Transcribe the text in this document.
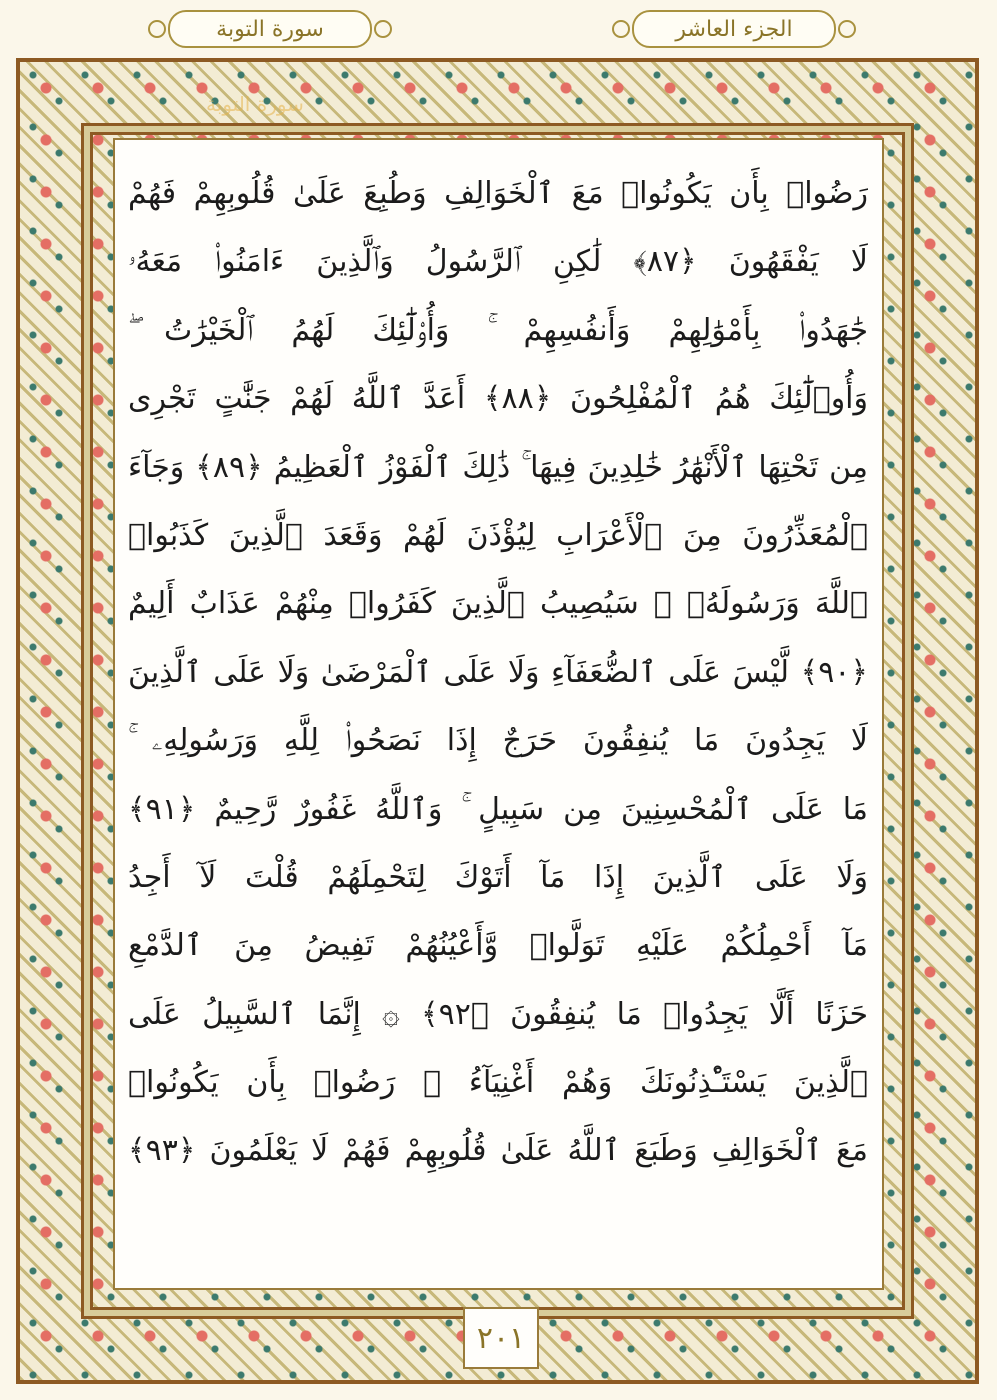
سورة التوبة	الجزء العاشر
سورة التوبة
رَضُوا۟ بِأَن يَكُونُوا۟ مَعَ ٱلْخَوَالِفِ وَطُبِعَ عَلَىٰ قُلُوبِهِمْ فَهُمْ
لَا يَفْقَهُونَ ﴿٨٧﴾ لَٰكِنِ ٱلرَّسُولُ وَٱلَّذِينَ ءَامَنُوا۟ مَعَهُۥ
جَٰهَدُوا۟ بِأَمْوَٰلِهِمْ وَأَنفُسِهِمْ ۚ وَأُو۟لَٰٓئِكَ لَهُمُ ٱلْخَيْرَٰتُ ۖ
وَأُو۟لَٰٓئِكَ هُمُ ٱلْمُفْلِحُونَ ﴿٨٨﴾ أَعَدَّ ٱللَّهُ لَهُمْ جَنَّٰتٍ تَجْرِى
مِن تَحْتِهَا ٱلْأَنْهَٰرُ خَٰلِدِينَ فِيهَا ۚ ذَٰلِكَ ٱلْفَوْزُ ٱلْعَظِيمُ ﴿٨٩﴾ وَجَآءَ
ٱلْمُعَذِّرُونَ مِنَ ٱلْأَعْرَابِ لِيُؤْذَنَ لَهُمْ وَقَعَدَ ٱلَّذِينَ كَذَبُوا۟
ٱللَّهَ وَرَسُولَهُۥ ۚ سَيُصِيبُ ٱلَّذِينَ كَفَرُوا۟ مِنْهُمْ عَذَابٌ أَلِيمٌ
﴿٩٠﴾ لَّيْسَ عَلَى ٱلضُّعَفَآءِ وَلَا عَلَى ٱلْمَرْضَىٰ وَلَا عَلَى ٱلَّذِينَ
لَا يَجِدُونَ مَا يُنفِقُونَ حَرَجٌ إِذَا نَصَحُوا۟ لِلَّهِ وَرَسُولِهِۦ ۚ
مَا عَلَى ٱلْمُحْسِنِينَ مِن سَبِيلٍ ۚ وَٱللَّهُ غَفُورٌ رَّحِيمٌ ﴿٩١﴾
وَلَا عَلَى ٱلَّذِينَ إِذَا مَآ أَتَوْكَ لِتَحْمِلَهُمْ قُلْتَ لَآ أَجِدُ
مَآ أَحْمِلُكُمْ عَلَيْهِ تَوَلَّوا۟ وَّأَعْيُنُهُمْ تَفِيضُ مِنَ ٱلدَّمْعِ
حَزَنًا أَلَّا يَجِدُوا۟ مَا يُنفِقُونَ ﴿٩٢﴾ ۞ إِنَّمَا ٱلسَّبِيلُ عَلَى
ٱلَّذِينَ يَسْتَـْٔذِنُونَكَ وَهُمْ أَغْنِيَآءُ ۚ رَضُوا۟ بِأَن يَكُونُوا۟
مَعَ ٱلْخَوَالِفِ وَطَبَعَ ٱللَّهُ عَلَىٰ قُلُوبِهِمْ فَهُمْ لَا يَعْلَمُونَ ﴿٩٣﴾
٢٠١
